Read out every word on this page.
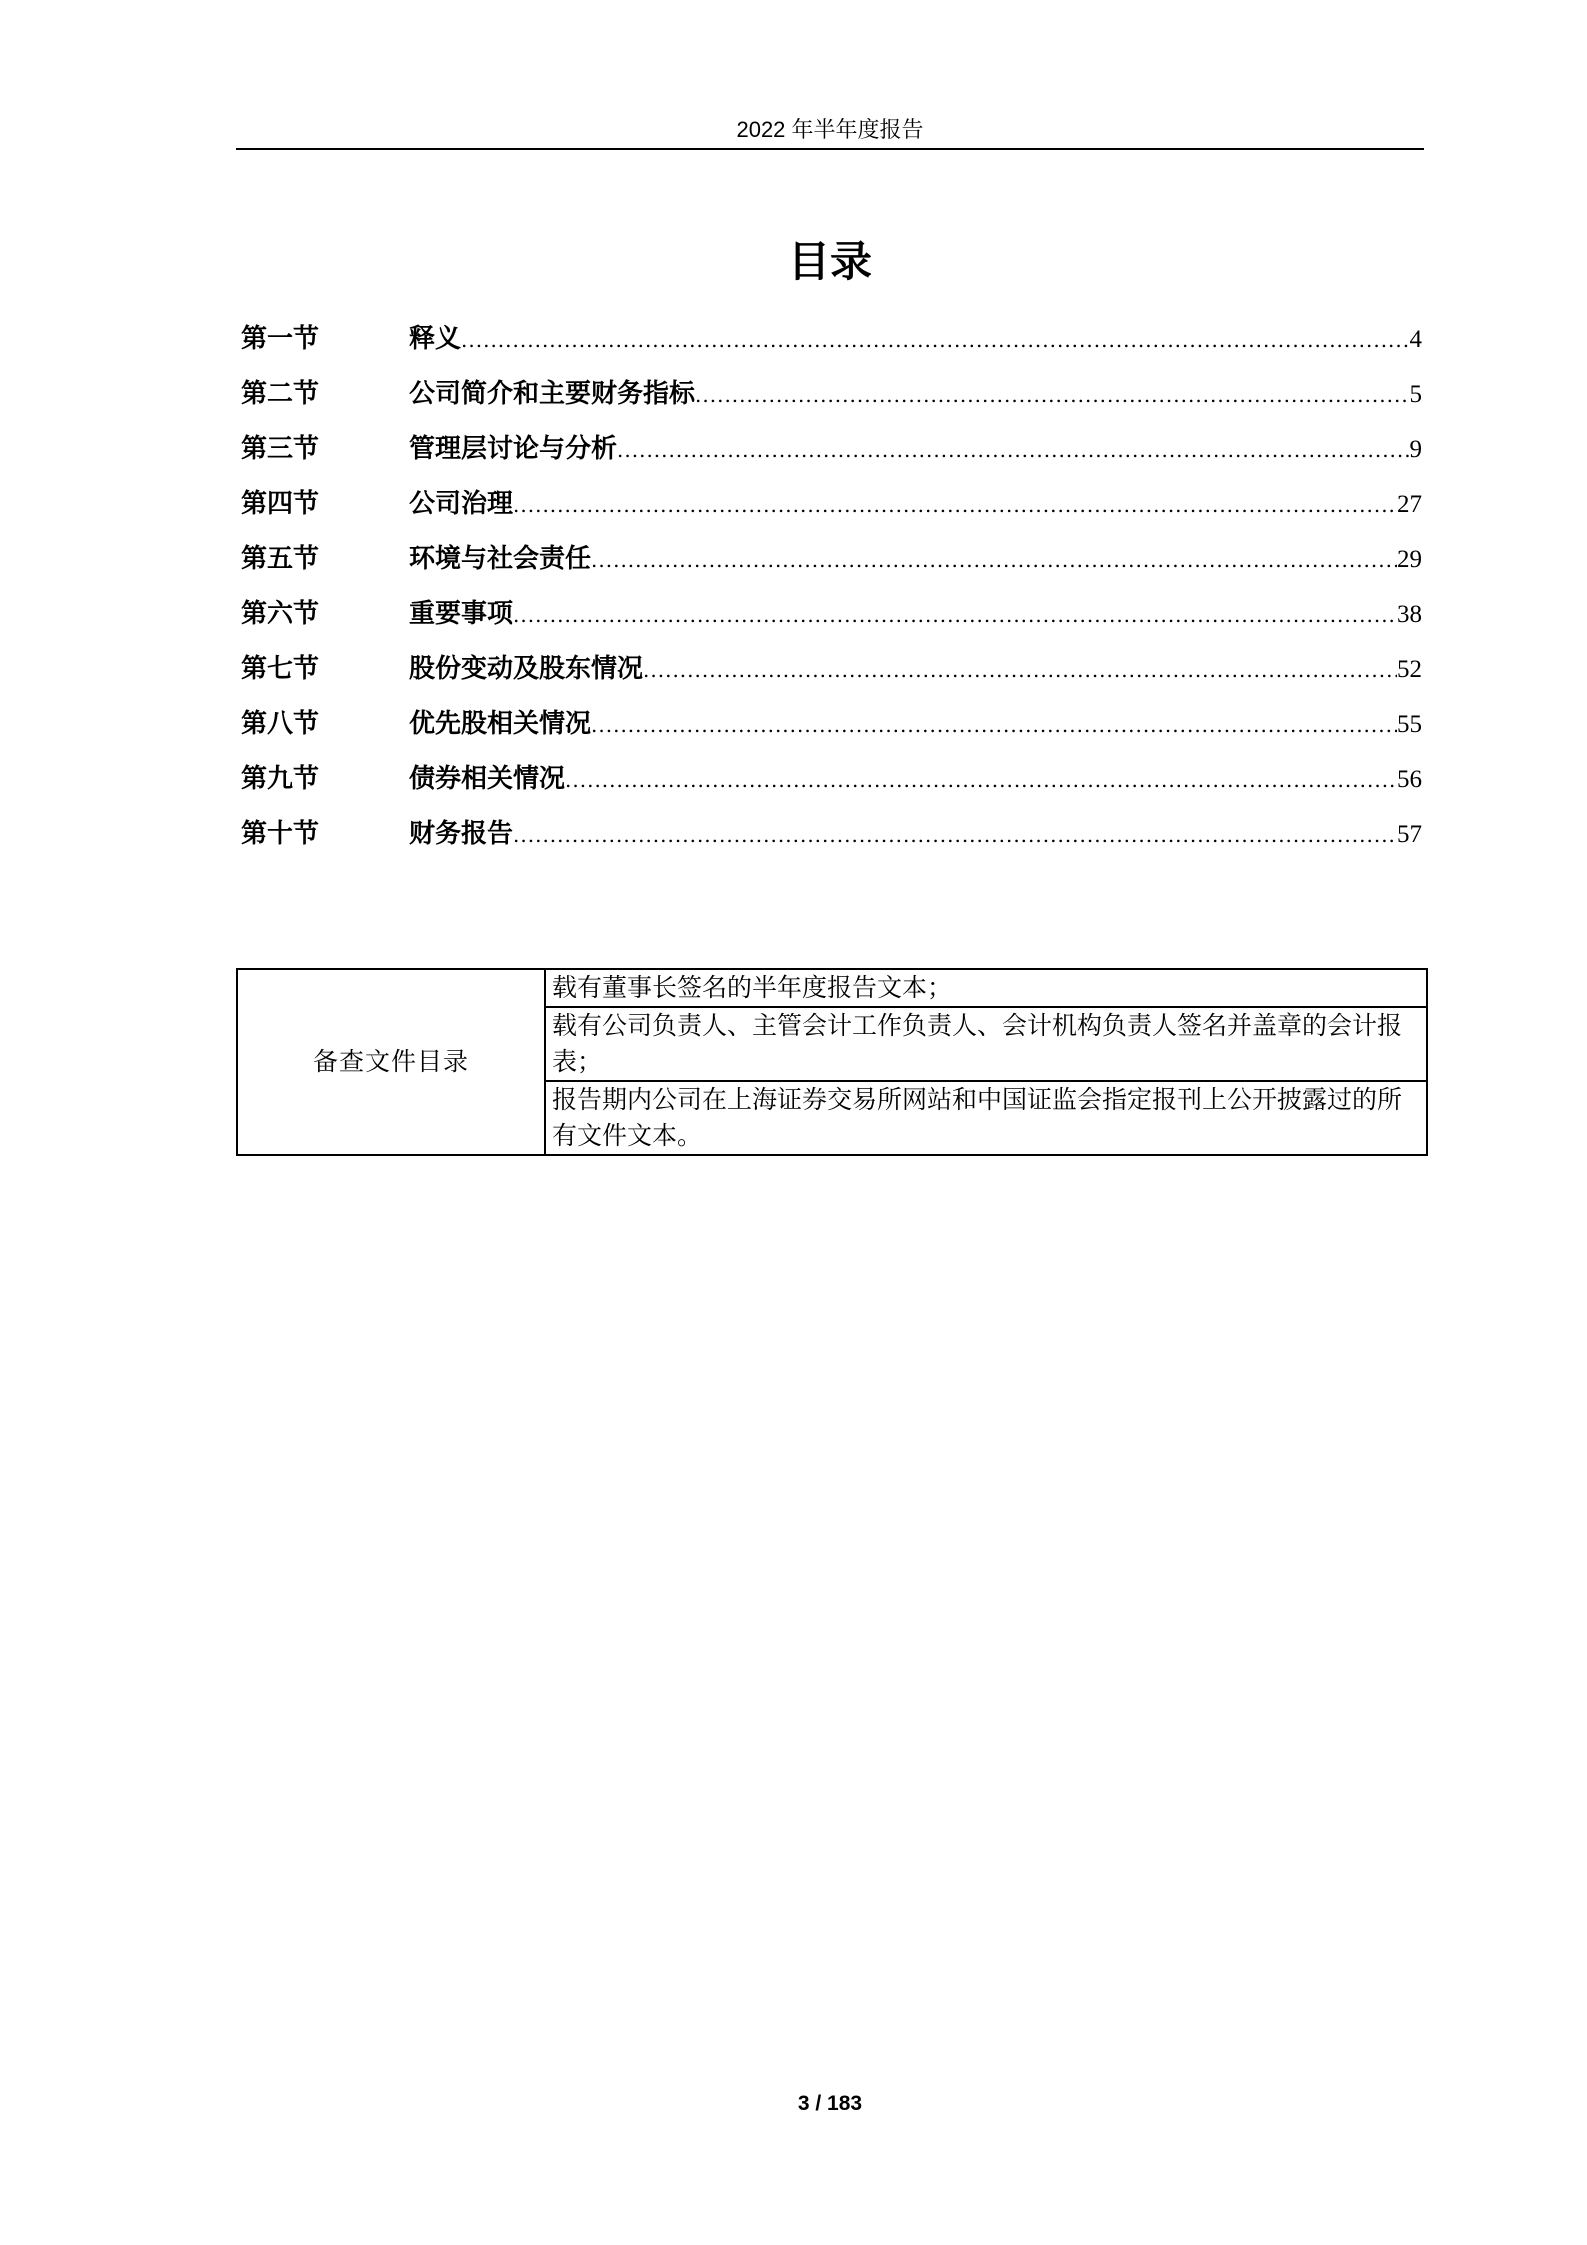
2022 年半年度报告
目录
第一节	释义 .....	4
第二节	公司简介和主要财务指标 .....	5
第三节	管理层讨论与分析 .....	9
第四节	公司治理 .....	27
第五节	环境与社会责任 .....	29
第六节	重要事项 .....	38
第七节	股份变动及股东情况 .....	52
第八节	优先股相关情况 .....	55
第九节	债券相关情况 .....	56
第十节	财务报告 .....	57
备查文件目录	载有董事长签名的半年度报告文本；
载有公司负责人、主管会计工作负责人、会计机构负责人签名并盖章的会计报表；
报告期内公司在上海证券交易所网站和中国证监会指定报刊上公开披露过的所有文件文本。
3 / 183
